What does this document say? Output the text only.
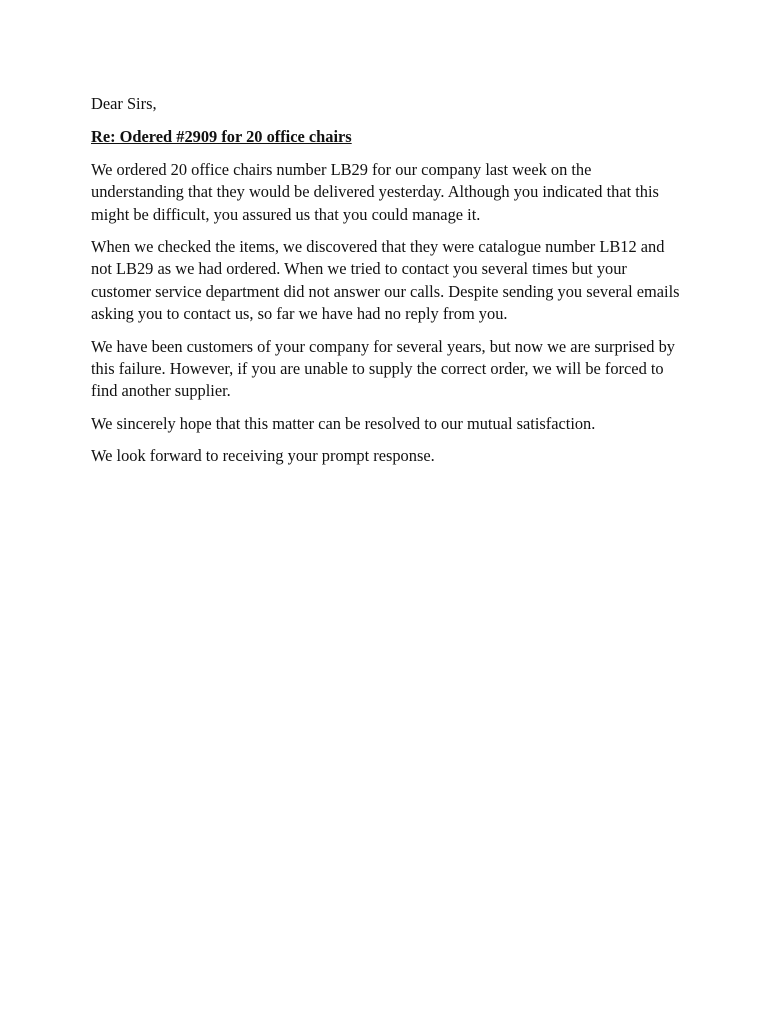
Dear Sirs,

Re: Odered #2909 for 20 office chairs

We ordered 20 office chairs number LB29 for our company last week on the understanding that they would be delivered yesterday. Although you indicated that this might be difficult, you assured us that you could manage it.

When we checked the items, we discovered that they were catalogue number LB12 and not LB29 as we had ordered. When we tried to contact you several times but your customer service department did not answer our calls. Despite sending you several emails asking you to contact us, so far we have had no reply from you.

We have been customers of your company for several years, but now we are surprised by this failure. However, if you are unable to supply the correct order, we will be forced to find another supplier.

We sincerely hope that this matter can be resolved to our mutual satisfaction.

We look forward to receiving your prompt response.
